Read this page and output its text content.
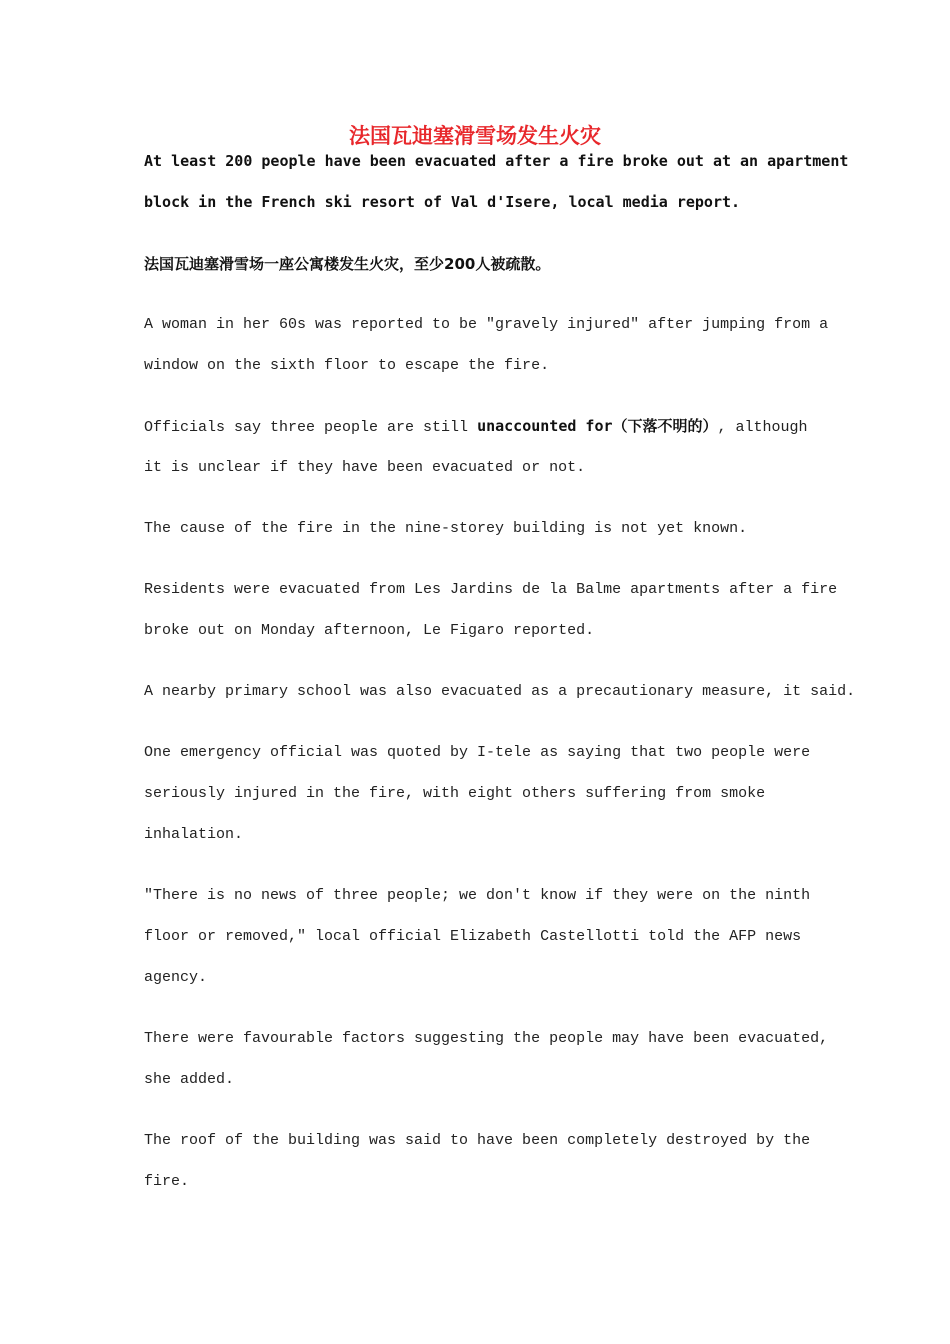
法国瓦迪塞滑雪场发生火灾
At least 200 people have been evacuated after a fire broke out at an apartment
block in the French ski resort of Val d'Isere, local media report.
法国瓦迪塞滑雪场一座公寓楼发生火灾，至少200人被疏散。
A woman in her 60s was reported to be "gravely injured" after jumping from a
window on the sixth floor to escape the fire.
Officials say three people are still unaccounted for（下落不明的）, although
it is unclear if they have been evacuated or not.
The cause of the fire in the nine-storey building is not yet known.
Residents were evacuated from Les Jardins de la Balme apartments after a fire
broke out on Monday afternoon, Le Figaro reported.
A nearby primary school was also evacuated as a precautionary measure, it said.
One emergency official was quoted by I-tele as saying that two people were
seriously injured in the fire, with eight others suffering from smoke
inhalation.
"There is no news of three people; we don't know if they were on the ninth
floor or removed," local official Elizabeth Castellotti told the AFP news
agency.
There were favourable factors suggesting the people may have been evacuated,
she added.
The roof of the building was said to have been completely destroyed by the
fire.
